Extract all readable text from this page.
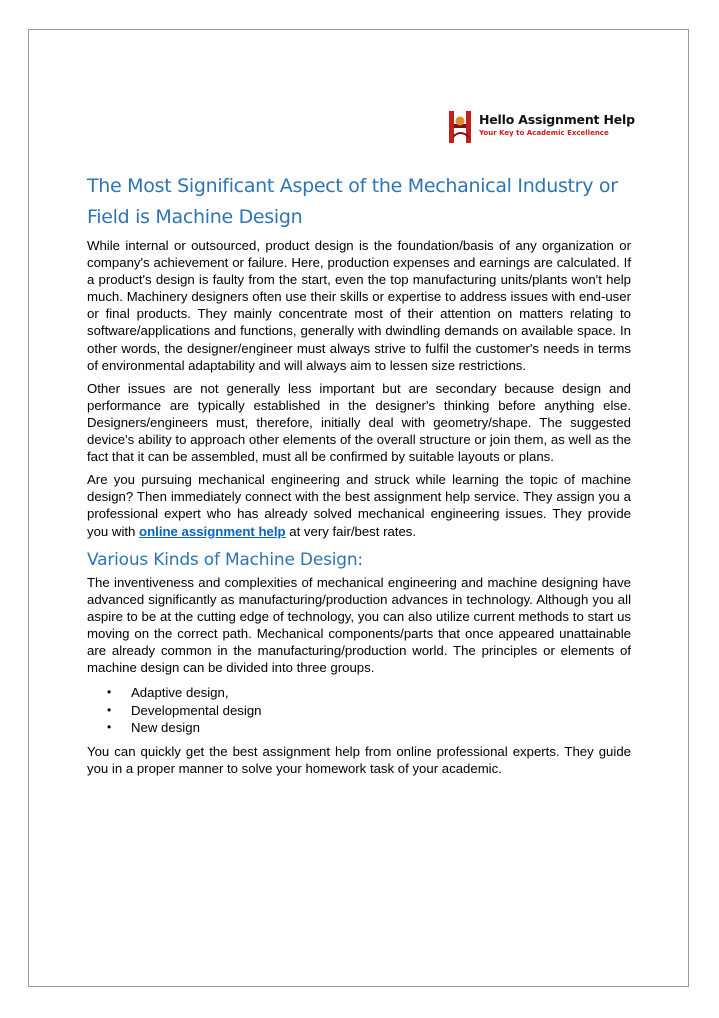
Hello Assignment Help
Your Key to Academic Excellence
The Most Significant Aspect of the Mechanical Industry or Field is Machine Design

While internal or outsourced, product design is the foundation/basis of any organization or company's achievement or failure. Here, production expenses and earnings are calculated. If a product's design is faulty from the start, even the top manufacturing units/plants won't help much. Machinery designers often use their skills or expertise to address issues with end-user or final products. They mainly concentrate most of their attention on matters relating to software/applications and functions, generally with dwindling demands on available space. In other words, the designer/engineer must always strive to fulfil the customer's needs in terms of environmental adaptability and will always aim to lessen size restrictions.

Other issues are not generally less important but are secondary because design and performance are typically established in the designer's thinking before anything else. Designers/engineers must, therefore, initially deal with geometry/shape. The suggested device's ability to approach other elements of the overall structure or join them, as well as the fact that it can be assembled, must all be confirmed by suitable layouts or plans.

Are you pursuing mechanical engineering and struck while learning the topic of machine design? Then immediately connect with the best assignment help service. They assign you a professional expert who has already solved mechanical engineering issues. They provide you with online assignment help at very fair/best rates.

Various Kinds of Machine Design:

The inventiveness and complexities of mechanical engineering and machine designing have advanced significantly as manufacturing/production advances in technology. Although you all aspire to be at the cutting edge of technology, you can also utilize current methods to start us moving on the correct path. Mechanical components/parts that once appeared unattainable are already common in the manufacturing/production world. The principles or elements of machine design can be divided into three groups.

• Adaptive design,
• Developmental design
• New design

You can quickly get the best assignment help from online professional experts. They guide you in a proper manner to solve your homework task of your academic.
